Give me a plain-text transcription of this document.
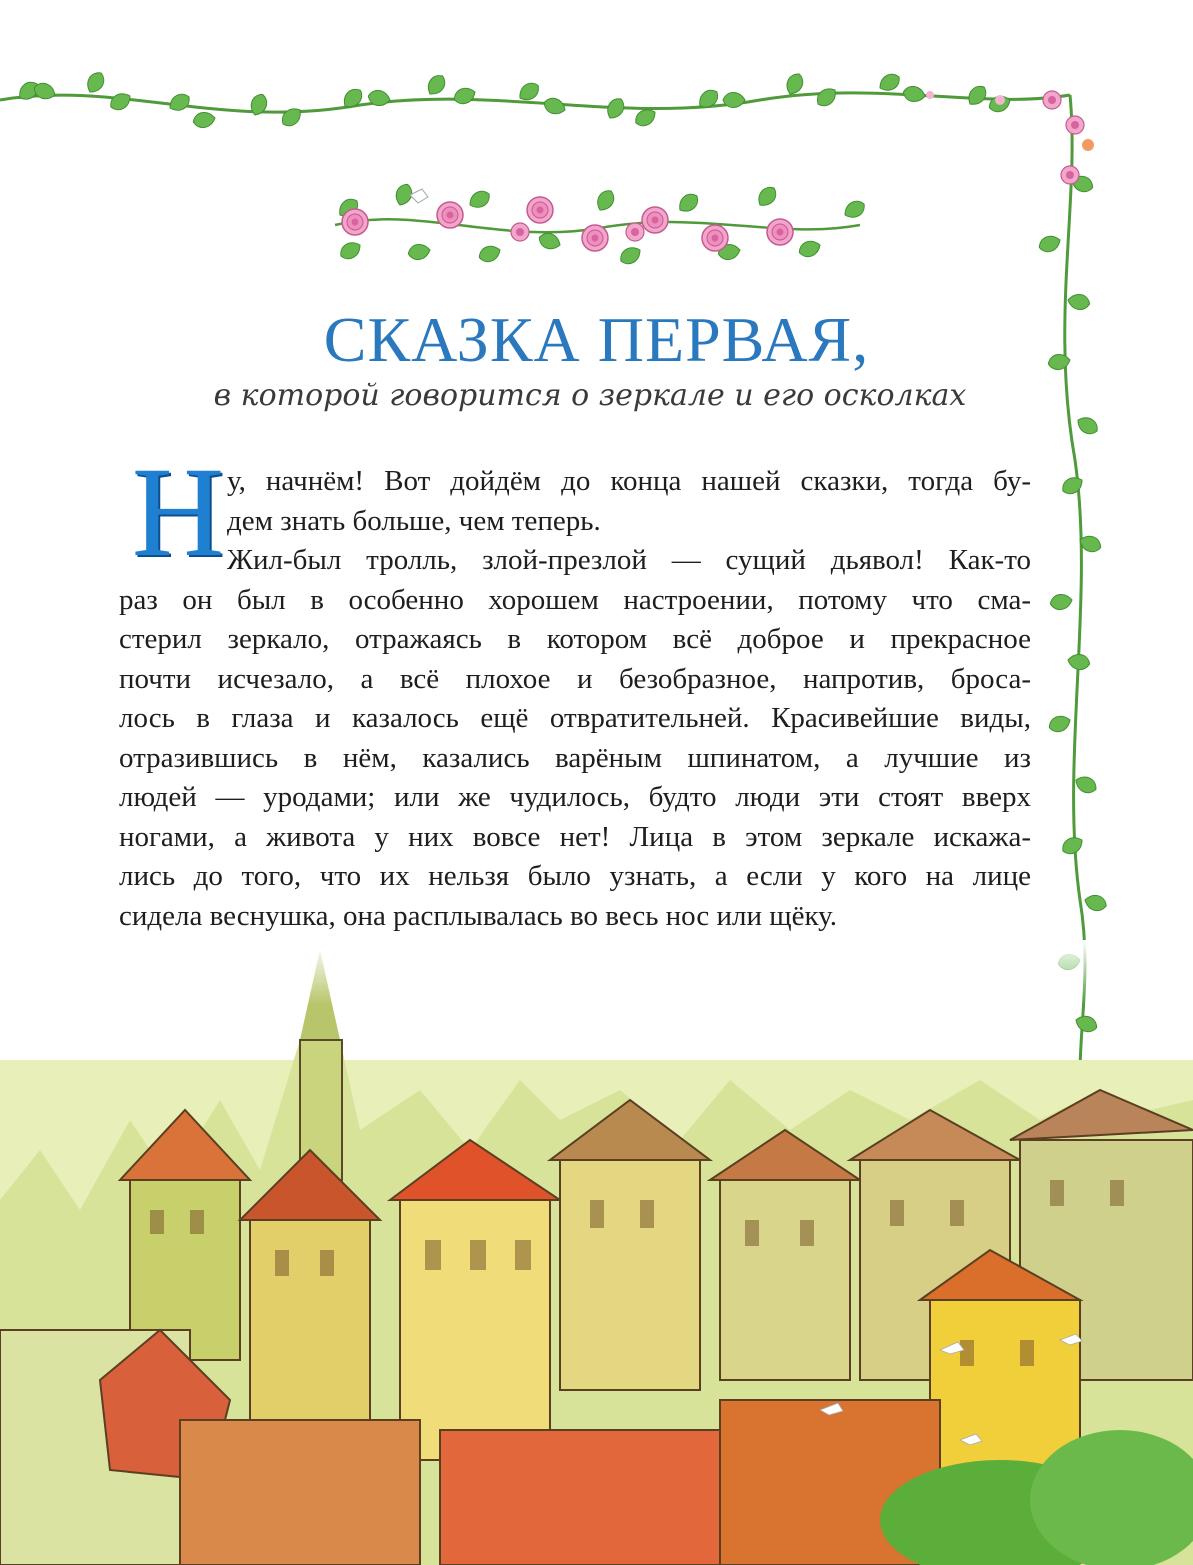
СКАЗКА ПЕРВАЯ,
в которой говорится о зеркале и его осколках
Н у, начнём! Вот дойдём до конца нашей сказки, тогда бу-
дем знать больше, чем теперь.
Жил-был тролль, злой-презлой — сущий дьявол! Как-то
раз он был в особенно хорошем настроении, потому что сма-
стерил зеркало, отражаясь в котором всё доброе и прекрасное
почти исчезало, а всё плохое и безобразное, напротив, броса-
лось в глаза и казалось ещё отвратительней. Красивейшие виды,
отразившись в нём, казались варёным шпинатом, а лучшие из
людей — уродами; или же чудилось, будто люди эти стоят вверх
ногами, а живота у них вовсе нет! Лица в этом зеркале искажа-
лись до того, что их нельзя было узнать, а если у кого на лице
сидела веснушка, она расплывалась во весь нос или щёку.
